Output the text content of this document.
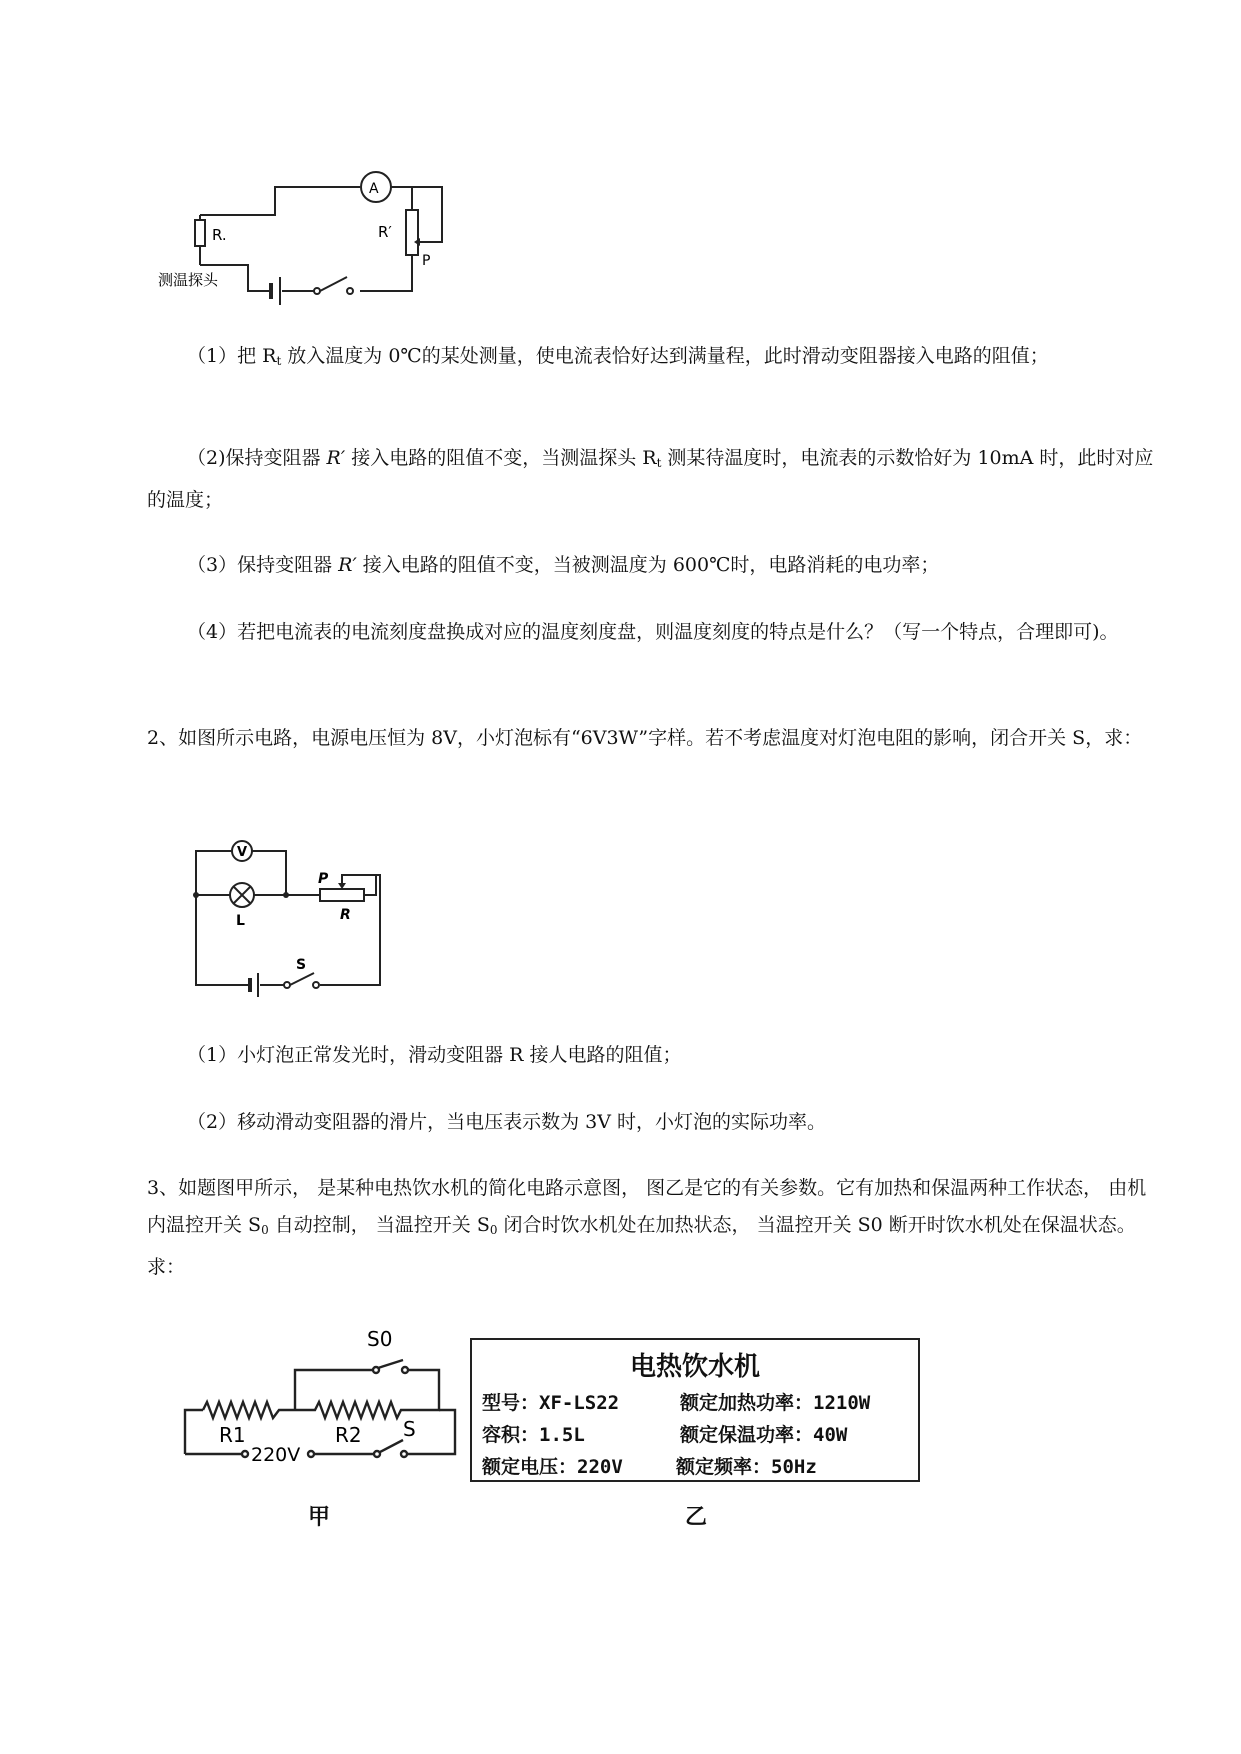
A
R.	R′
P
测温探头

（1）把 $R_t$ 放入温度为 0℃的某处测量，使电流表恰好达到满量程，此时滑动变阻器接入电路的阻值；

（2)保持变阻器 R′ 接入电路的阻值不变，当测温探头 $R_t$ 测某待温度时，电流表的示数恰好为 10mA 时，此时对应的温度；

（3）保持变阻器 R′ 接入电路的阻值不变，当被测温度为 600℃时，电路消耗的电功率；

（4）若把电流表的电流刻度盘换成对应的温度刻度盘，则温度刻度的特点是什么？（写一个特点，合理即可)。

2、如图所示电路，电源电压恒为 8V，小灯泡标有“6V3W”字样。若不考虑温度对灯泡电阻的影响，闭合开关 S，求：

V
L
P
R
S

（1）小灯泡正常发光时，滑动变阻器 R 接人电路的阻值；

（2）移动滑动变阻器的滑片，当电压表示数为 3V 时，小灯泡的实际功率。

3、如题图甲所示， 是某种电热饮水机的简化电路示意图， 图乙是它的有关参数。它有加热和保温两种工作状态， 由机内温控开关 $S_0$ 自动控制， 当温控开关 $S_0$ 闭合时饮水机处在加热状态， 当温控开关 S0 断开时饮水机处在保温状态。 求：

S0
R1	R2 S
220V
甲
电热饮水机
型号：XF-LS22	额定加热功率：1210W
容积：1.5L	额定保温功率：40W
额定电压：220V	额定频率：50Hz
乙
